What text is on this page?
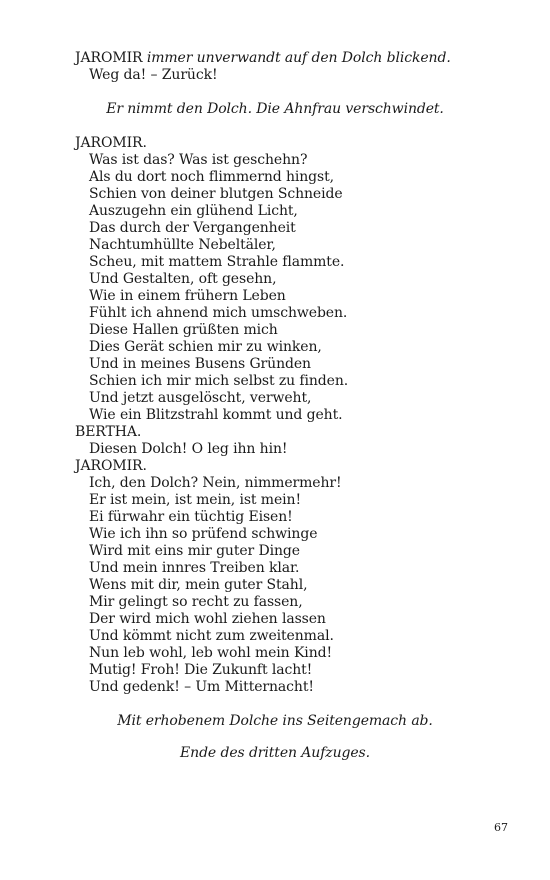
JAROMIR immer unverwandt auf den Dolch blickend.
Weg da! – Zurück!
Er nimmt den Dolch. Die Ahnfrau verschwindet.
JAROMIR.
Was ist das? Was ist geschehn?
Als du dort noch flimmernd hingst,
Schien von deiner blutgen Schneide
Auszugehn ein glühend Licht,
Das durch der Vergangenheit
Nachtumhüllte Nebeltäler,
Scheu, mit mattem Strahle flammte.
Und Gestalten, oft gesehn,
Wie in einem frühern Leben
Fühlt ich ahnend mich umschweben.
Diese Hallen grüßten mich
Dies Gerät schien mir zu winken,
Und in meines Busens Gründen
Schien ich mir mich selbst zu finden.
Und jetzt ausgelöscht, verweht,
Wie ein Blitzstrahl kommt und geht.
BERTHA.
Diesen Dolch! O leg ihn hin!
JAROMIR.
Ich, den Dolch? Nein, nimmermehr!
Er ist mein, ist mein, ist mein!
Ei fürwahr ein tüchtig Eisen!
Wie ich ihn so prüfend schwinge
Wird mit eins mir guter Dinge
Und mein innres Treiben klar.
Wens mit dir, mein guter Stahl,
Mir gelingt so recht zu fassen,
Der wird mich wohl ziehen lassen
Und kömmt nicht zum zweitenmal.
Nun leb wohl, leb wohl mein Kind!
Mutig! Froh! Die Zukunft lacht!
Und gedenk! – Um Mitternacht!
Mit erhobenem Dolche ins Seitengemach ab.
Ende des dritten Aufzuges.
67
